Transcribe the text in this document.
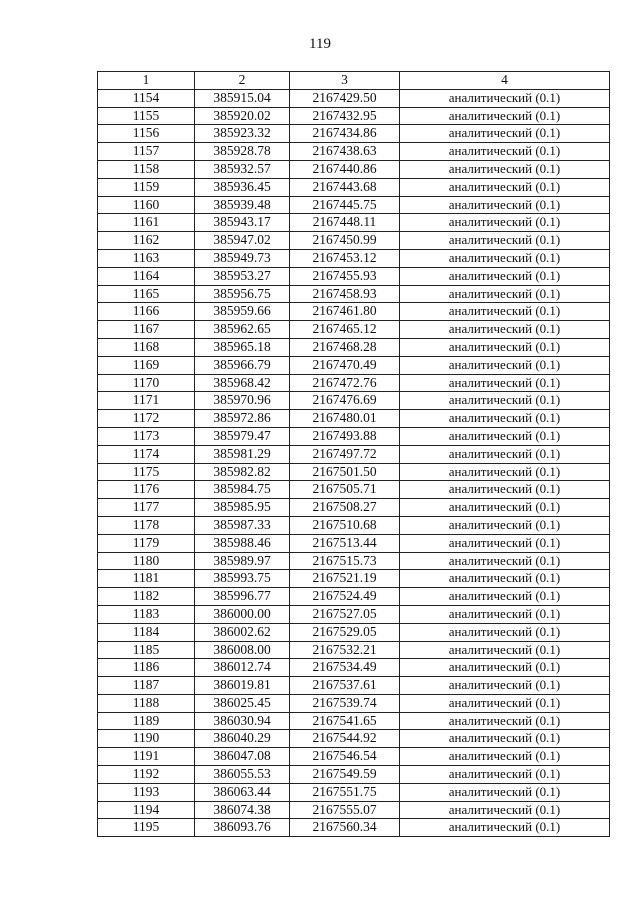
119
1	2	3	4
1154	385915.04	2167429.50	аналитический (0.1)
1155	385920.02	2167432.95	аналитический (0.1)
1156	385923.32	2167434.86	аналитический (0.1)
1157	385928.78	2167438.63	аналитический (0.1)
1158	385932.57	2167440.86	аналитический (0.1)
1159	385936.45	2167443.68	аналитический (0.1)
1160	385939.48	2167445.75	аналитический (0.1)
1161	385943.17	2167448.11	аналитический (0.1)
1162	385947.02	2167450.99	аналитический (0.1)
1163	385949.73	2167453.12	аналитический (0.1)
1164	385953.27	2167455.93	аналитический (0.1)
1165	385956.75	2167458.93	аналитический (0.1)
1166	385959.66	2167461.80	аналитический (0.1)
1167	385962.65	2167465.12	аналитический (0.1)
1168	385965.18	2167468.28	аналитический (0.1)
1169	385966.79	2167470.49	аналитический (0.1)
1170	385968.42	2167472.76	аналитический (0.1)
1171	385970.96	2167476.69	аналитический (0.1)
1172	385972.86	2167480.01	аналитический (0.1)
1173	385979.47	2167493.88	аналитический (0.1)
1174	385981.29	2167497.72	аналитический (0.1)
1175	385982.82	2167501.50	аналитический (0.1)
1176	385984.75	2167505.71	аналитический (0.1)
1177	385985.95	2167508.27	аналитический (0.1)
1178	385987.33	2167510.68	аналитический (0.1)
1179	385988.46	2167513.44	аналитический (0.1)
1180	385989.97	2167515.73	аналитический (0.1)
1181	385993.75	2167521.19	аналитический (0.1)
1182	385996.77	2167524.49	аналитический (0.1)
1183	386000.00	2167527.05	аналитический (0.1)
1184	386002.62	2167529.05	аналитический (0.1)
1185	386008.00	2167532.21	аналитический (0.1)
1186	386012.74	2167534.49	аналитический (0.1)
1187	386019.81	2167537.61	аналитический (0.1)
1188	386025.45	2167539.74	аналитический (0.1)
1189	386030.94	2167541.65	аналитический (0.1)
1190	386040.29	2167544.92	аналитический (0.1)
1191	386047.08	2167546.54	аналитический (0.1)
1192	386055.53	2167549.59	аналитический (0.1)
1193	386063.44	2167551.75	аналитический (0.1)
1194	386074.38	2167555.07	аналитический (0.1)
1195	386093.76	2167560.34	аналитический (0.1)
